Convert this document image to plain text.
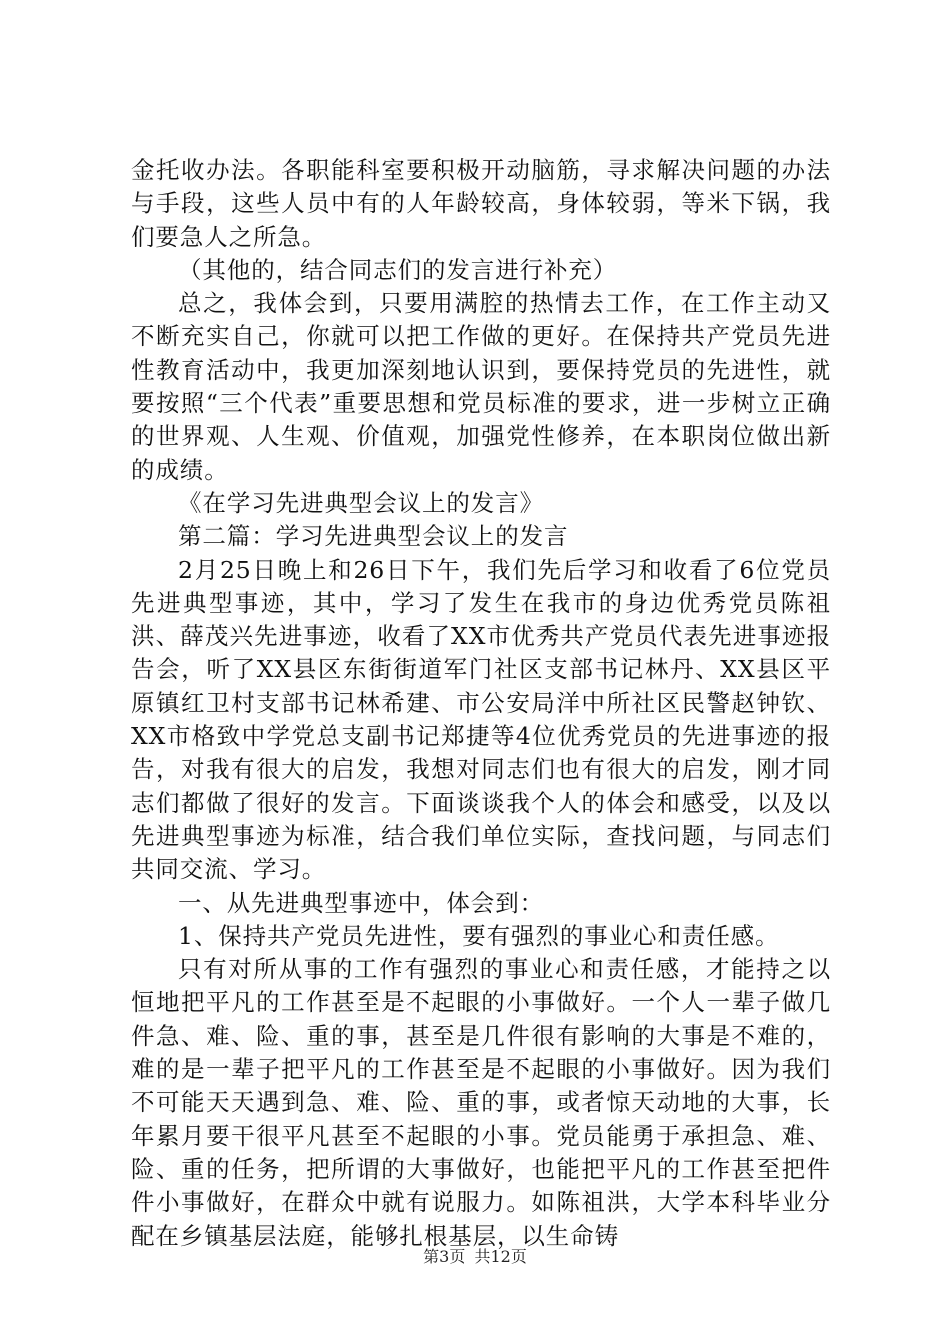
金托收办法。各职能科室要积极开动脑筋，寻求解决问题的办法与手段，这些人员中有的人年龄较高，身体较弱，等米下锅，我们要急人之所急。

（其他的，结合同志们的发言进行补充）

总之，我体会到，只要用满腔的热情去工作，在工作主动又不断充实自己，你就可以把工作做的更好。在保持共产党员先进性教育活动中，我更加深刻地认识到，要保持党员的先进性，就要按照“三个代表”重要思想和党员标准的要求，进一步树立正确的世界观、人生观、价值观，加强党性修养，在本职岗位做出新的成绩。

《在学习先进典型会议上的发言》

第二篇：学习先进典型会议上的发言

2月25日晚上和26日下午，我们先后学习和收看了6位党员先进典型事迹，其中，学习了发生在我市的身边优秀党员陈祖洪、薛茂兴先进事迹，收看了XX市优秀共产党员代表先进事迹报告会，听了XX县区东街街道军门社区支部书记林丹、XX县区平原镇红卫村支部书记林希建、市公安局洋中所社区民警赵钟钦、XX市格致中学党总支副书记郑捷等4位优秀党员的先进事迹的报告，对我有很大的启发，我想对同志们也有很大的启发，刚才同志们都做了很好的发言。下面谈谈我个人的体会和感受，以及以先进典型事迹为标准，结合我们单位实际，查找问题，与同志们共同交流、学习。

一、从先进典型事迹中，体会到：

1、保持共产党员先进性，要有强烈的事业心和责任感。

只有对所从事的工作有强烈的事业心和责任感，才能持之以恒地把平凡的工作甚至是不起眼的小事做好。一个人一辈子做几件急、难、险、重的事，甚至是几件很有影响的大事是不难的，难的是一辈子把平凡的工作甚至是不起眼的小事做好。因为我们不可能天天遇到急、难、险、重的事，或者惊天动地的大事，长年累月要干很平凡甚至不起眼的小事。党员能勇于承担急、难、险、重的任务，把所谓的大事做好，也能把平凡的工作甚至把件件小事做好，在群众中就有说服力。如陈祖洪，大学本科毕业分配在乡镇基层法庭，能够扎根基层，以生命铸

第3页 共12页
